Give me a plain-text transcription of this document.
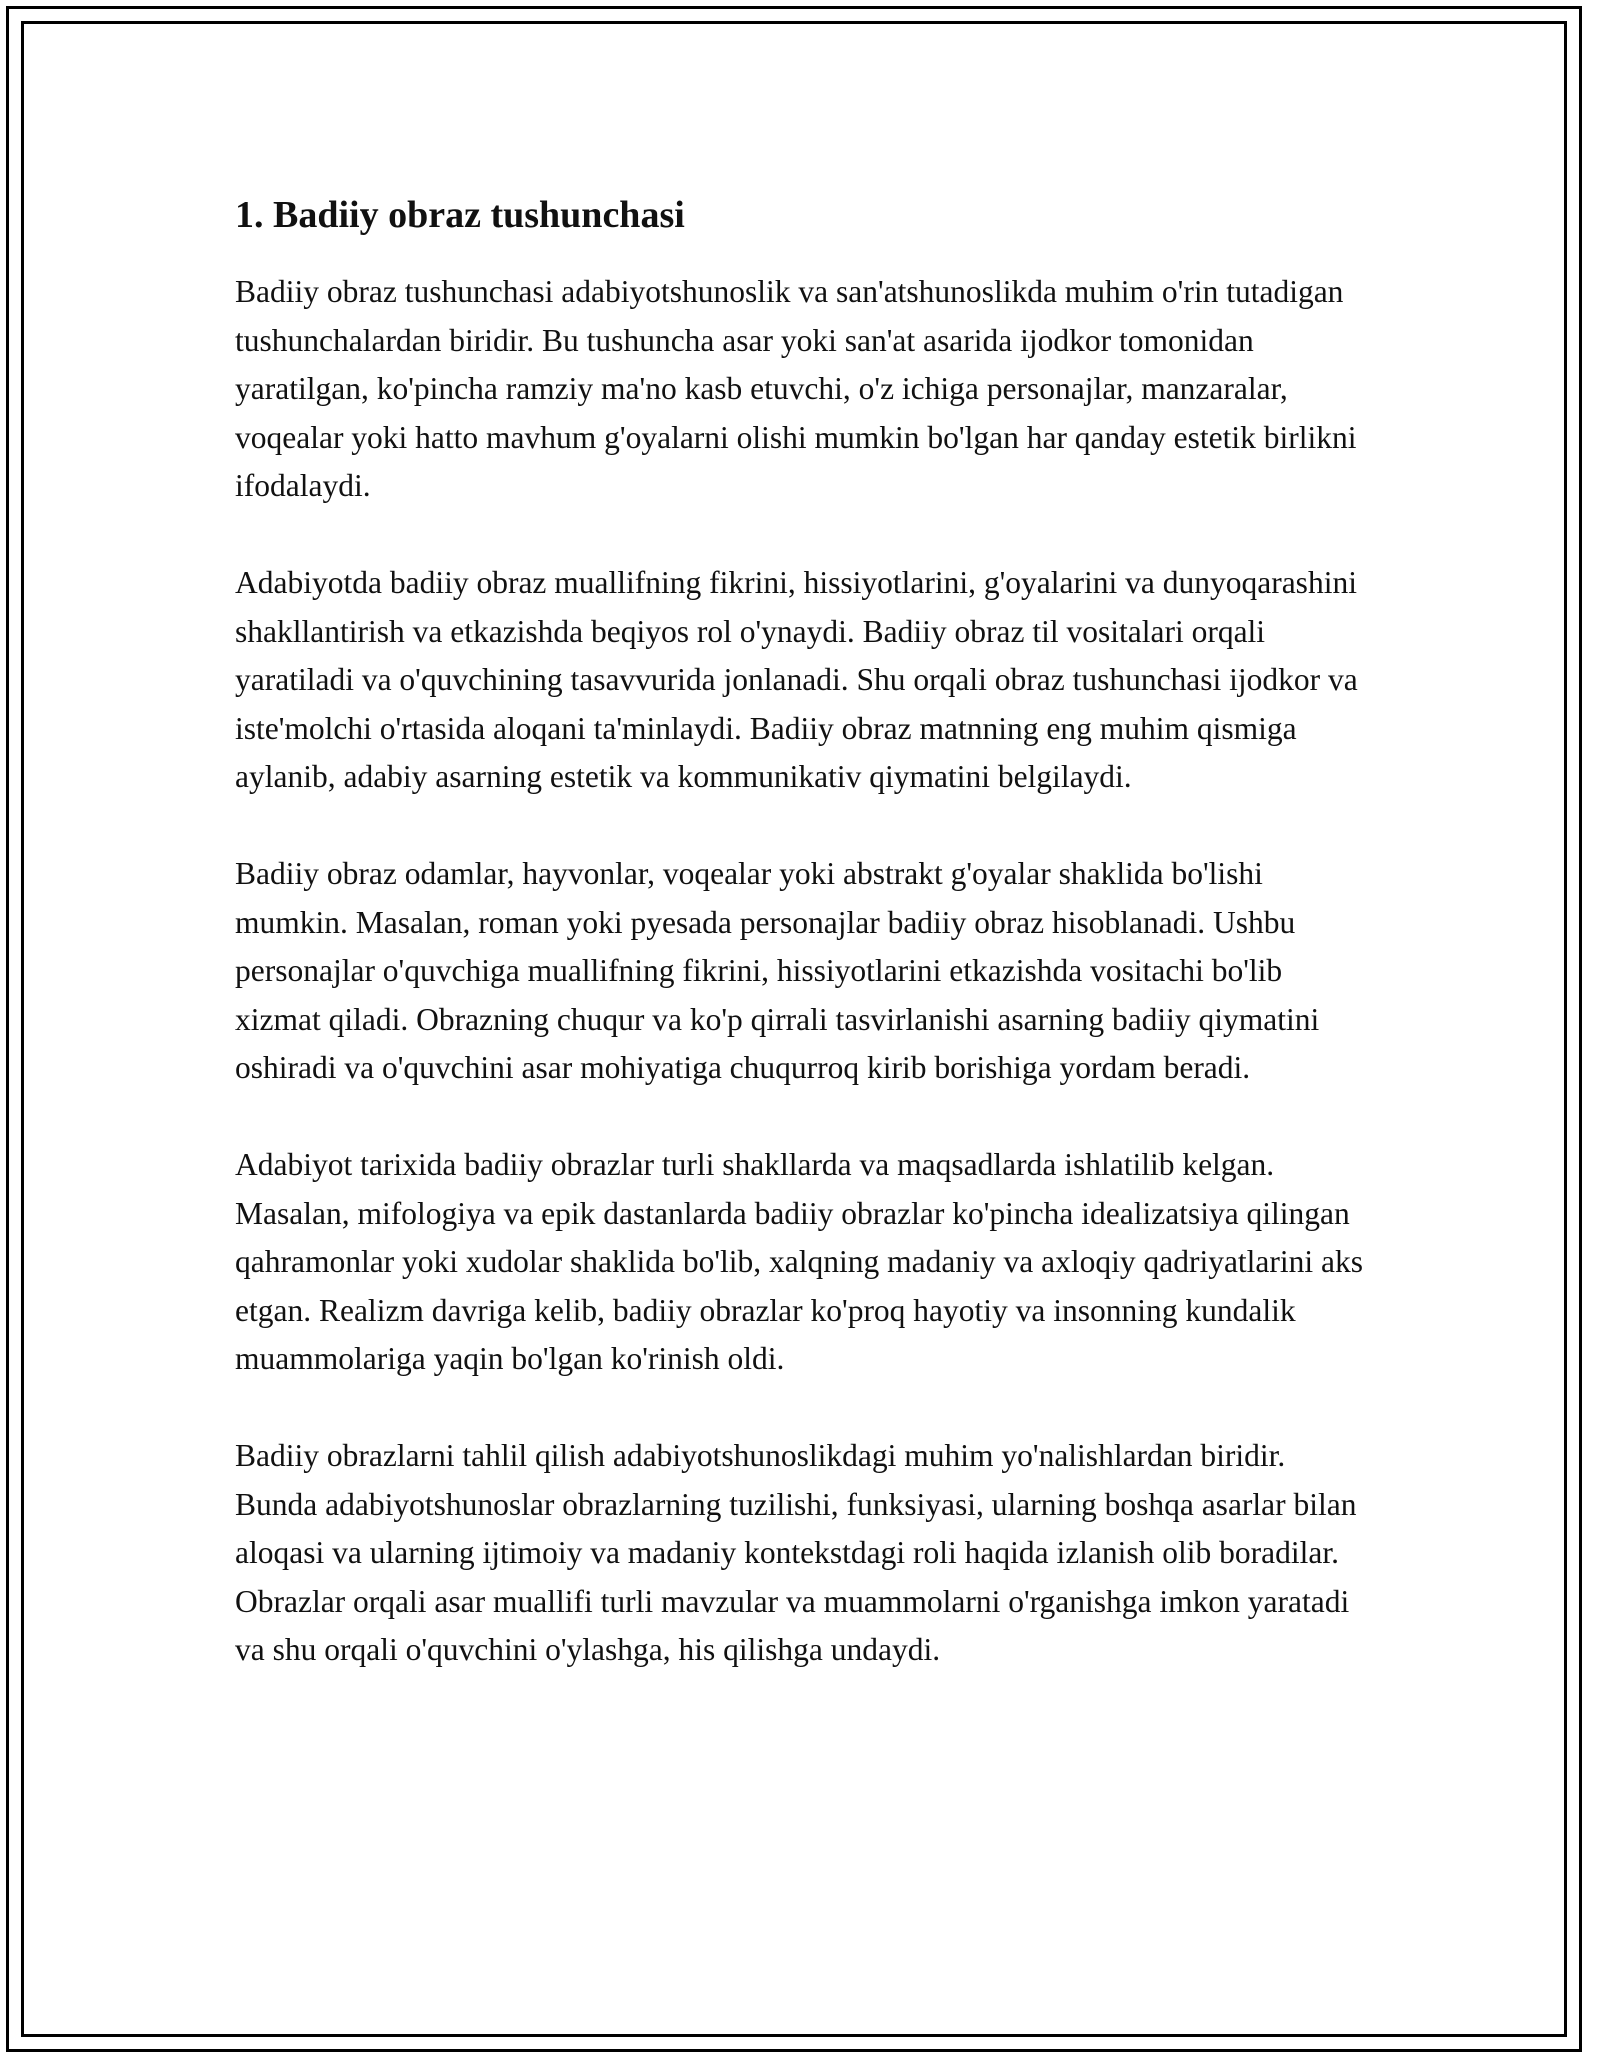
1. Badiiy obraz tushunchasi

Badiiy obraz tushunchasi adabiyotshunoslik va san'atshunoslikda muhim o'rin tutadigan tushunchalardan biridir. Bu tushuncha asar yoki san'at asarida ijodkor tomonidan yaratilgan, ko'pincha ramziy ma'no kasb etuvchi, o'z ichiga personajlar, manzaralar, voqealar yoki hatto mavhum g'oyalarni olishi mumkin bo'lgan har qanday estetik birlikni ifodalaydi.

Adabiyotda badiiy obraz muallifning fikrini, hissiyotlarini, g'oyalarini va dunyoqarashini shakllantirish va etkazishda beqiyos rol o'ynaydi. Badiiy obraz til vositalari orqali yaratiladi va o'quvchining tasavvurida jonlanadi. Shu orqali obraz tushunchasi ijodkor va iste'molchi o'rtasida aloqani ta'minlaydi. Badiiy obraz matnning eng muhim qismiga aylanib, adabiy asarning estetik va kommunikativ qiymatini belgilaydi.

Badiiy obraz odamlar, hayvonlar, voqealar yoki abstrakt g'oyalar shaklida bo'lishi mumkin. Masalan, roman yoki pyesada personajlar badiiy obraz hisoblanadi. Ushbu personajlar o'quvchiga muallifning fikrini, hissiyotlarini etkazishda vositachi bo'lib xizmat qiladi. Obrazning chuqur va ko'p qirrali tasvirlanishi asarning badiiy qiymatini oshiradi va o'quvchini asar mohiyatiga chuqurroq kirib borishiga yordam beradi.

Adabiyot tarixida badiiy obrazlar turli shakllarda va maqsadlarda ishlatilib kelgan. Masalan, mifologiya va epik dastanlarda badiiy obrazlar ko'pincha idealizatsiya qilingan qahramonlar yoki xudolar shaklida bo'lib, xalqning madaniy va axloqiy qadriyatlarini aks etgan. Realizm davriga kelib, badiiy obrazlar ko'proq hayotiy va insonning kundalik muammolariga yaqin bo'lgan ko'rinish oldi.

Badiiy obrazlarni tahlil qilish adabiyotshunoslikdagi muhim yo'nalishlardan biridir. Bunda adabiyotshunoslar obrazlarning tuzilishi, funksiyasi, ularning boshqa asarlar bilan aloqasi va ularning ijtimoiy va madaniy kontekstdagi roli haqida izlanish olib boradilar. Obrazlar orqali asar muallifi turli mavzular va muammolarni o'rganishga imkon yaratadi va shu orqali o'quvchini o'ylashga, his qilishga undaydi.
